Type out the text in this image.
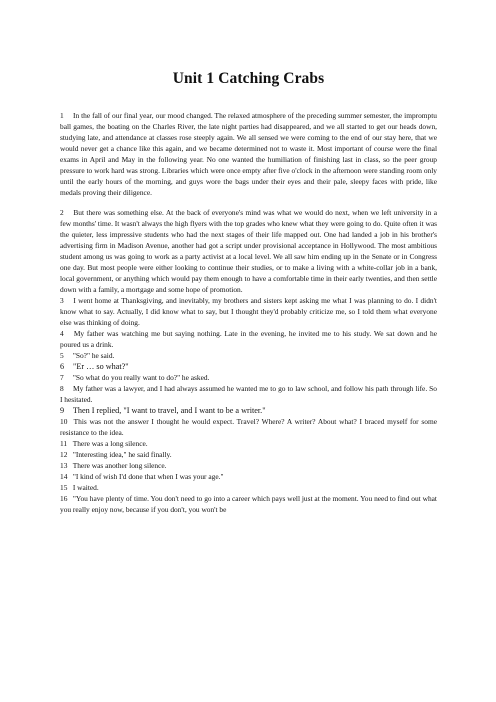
Unit 1 Catching Crabs

1 In the fall of our final year, our mood changed. The relaxed atmosphere of the preceding summer semester, the impromptu ball games, the boating on the Charles River, the late night parties had disappeared, and we all started to get our heads down, studying late, and attendance at classes rose steeply again. We all sensed we were coming to the end of our stay here, that we would never get a chance like this again, and we became determined not to waste it. Most important of course were the final exams in April and May in the following year. No one wanted the humiliation of finishing last in class, so the peer group pressure to work hard was strong. Libraries which were once empty after five o'clock in the afternoon were standing room only until the early hours of the morning, and guys wore the bags under their eyes and their pale, sleepy faces with pride, like medals proving their diligence.

2 But there was something else. At the back of everyone's mind was what we would do next, when we left university in a few months' time. It wasn't always the high flyers with the top grades who knew what they were going to do. Quite often it was the quieter, less impressive students who had the next stages of their life mapped out. One had landed a job in his brother's advertising firm in Madison Avenue, another had got a script under provisional acceptance in Hollywood. The most ambitious student among us was going to work as a party activist at a local level. We all saw him ending up in the Senate or in Congress one day. But most people were either looking to continue their studies, or to make a living with a white-collar job in a bank, local government, or anything which would pay them enough to have a comfortable time in their early twenties, and then settle down with a family, a mortgage and some hope of promotion.

3 I went home at Thanksgiving, and inevitably, my brothers and sisters kept asking me what I was planning to do. I didn't know what to say. Actually, I did know what to say, but I thought they'd probably criticize me, so I told them what everyone else was thinking of doing.

4 My father was watching me but saying nothing. Late in the evening, he invited me to his study. We sat down and he poured us a drink.

5 "So?" he said.

6 "Er … so what?"

7 "So what do you really want to do?" he asked.

8 My father was a lawyer, and I had always assumed he wanted me to go to law school, and follow his path through life. So I hesitated.

9 Then I replied, "I want to travel, and I want to be a writer."

10 This was not the answer I thought he would expect. Travel? Where? A writer? About what? I braced myself for some resistance to the idea.

11 There was a long silence.

12 "Interesting idea," he said finally.

13 There was another long silence.

14 "I kind of wish I'd done that when I was your age."

15 I waited.

16 "You have plenty of time. You don't need to go into a career which pays well just at the moment. You need to find out what you really enjoy now, because if you don't, you won't be
